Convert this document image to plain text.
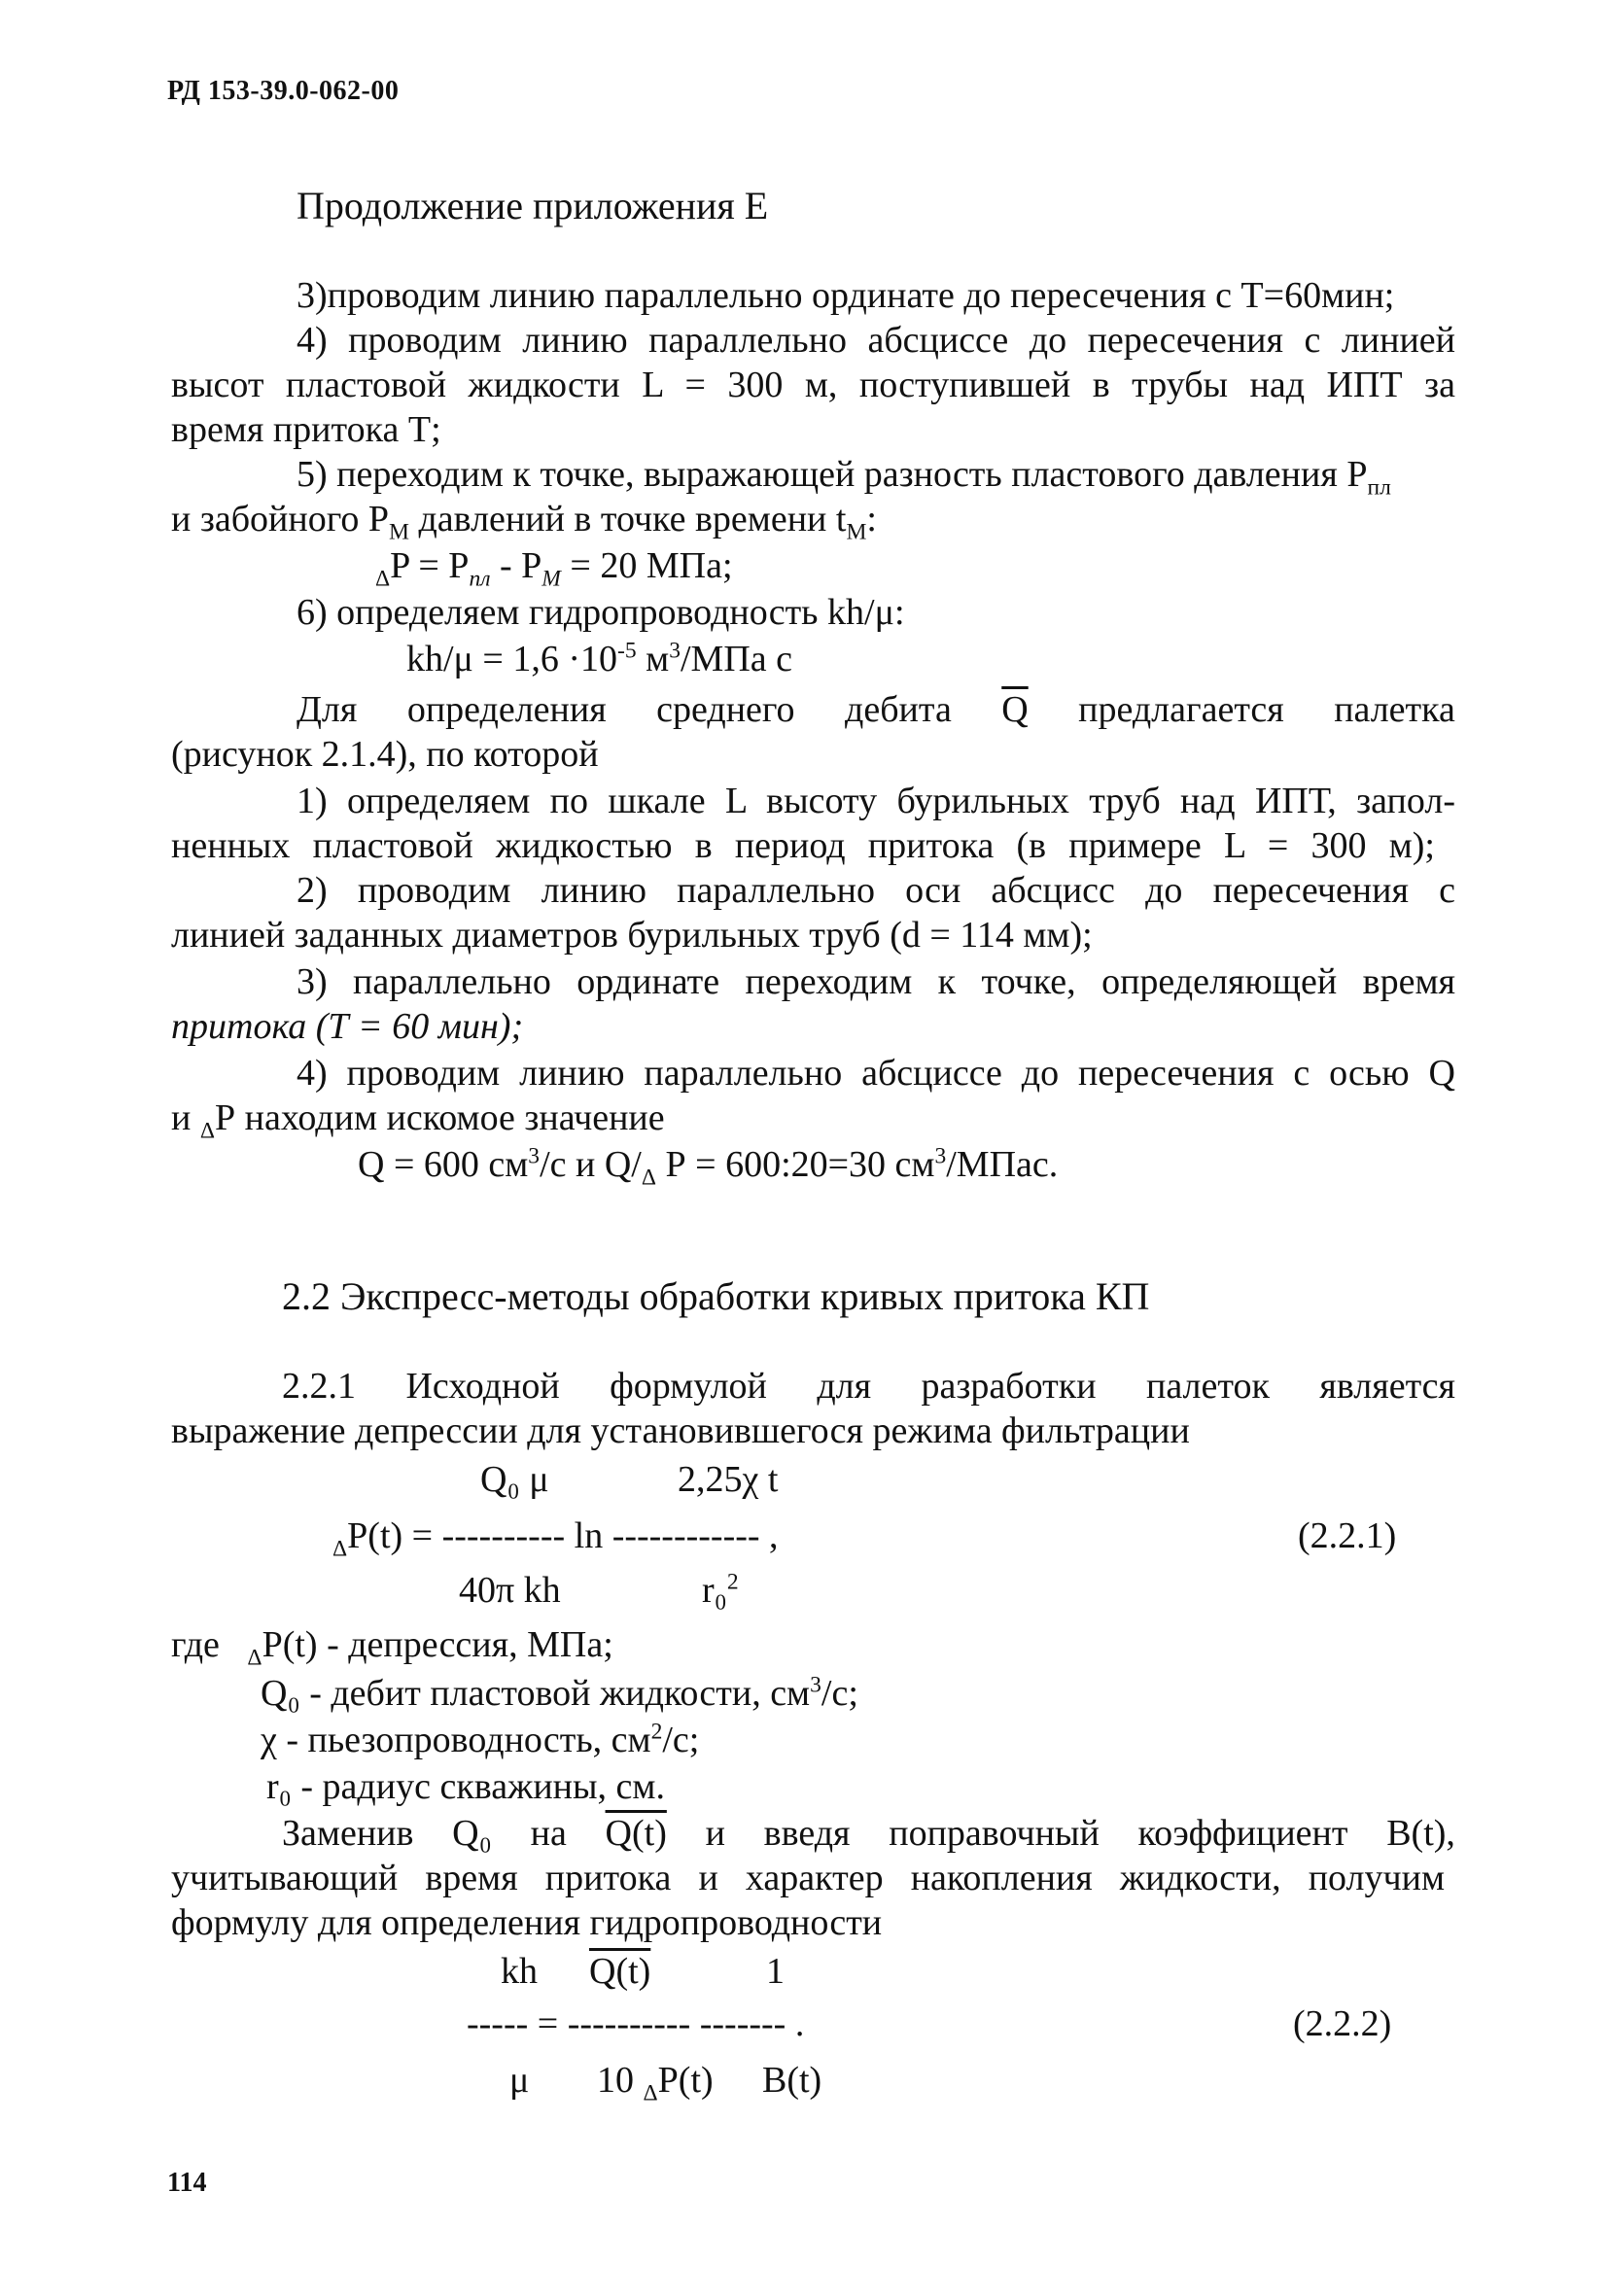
РД 153-39.0-062-00
Продолжение приложения Е
3)проводим линию параллельно ординате до пересечения с Т=60мин;
4) проводим линию параллельно абсциссе до пересечения с линией
высот пластовой жидкости L = 300 м, поступившей в трубы над ИПТ за
время притока Т;
5) переходим к точке, выражающей разность пластового давления $Р_{пл}$
и забойного $Р_М$ давлений в точке времени $t_М$:
$_\Delta P = P_{пл} - P_М = 20$ МПа;
6) определяем гидропроводность kh/μ:
$kh/\mu = 1,6 \cdot 10^{-5}$ $м^3$/МПа с
Для определения среднего дебита $\overline{Q}$ предлагается палетка
(рисунок 2.1.4), по которой
1) определяем по шкале L высоту бурильных труб над ИПТ, запол-
ненных пластовой жидкостью в период притока (в примере L = 300 м);
2) проводим линию параллельно оси абсцисс до пересечения с
линией заданных диаметров бурильных труб (d = 114 мм);
3) параллельно ординате переходим к точке, определяющей время
притока (Т = 60 мин);
4) проводим линию параллельно абсциссе до пересечения с осью Q
и $_\Delta$Р находим искомое значение
Q = 600 $см^3/с$ и $Q/_\Delta$ Р = 600:20=30 $см^3$/МПас.
2.2 Экспресс-методы обработки кривых притока КП
2.2.1 Исходной формулой для разработки палеток является
выражение депрессии для установившегося режима фильтрации
Q₀ μ	2,25χ t
$_\Delta$P(t) = ---------- ln ------------ ,	(2.2.1)
40π kh	r₀$^2$
где $_\Delta$P(t) - депрессия, МПа;
Q₀ - дебит пластовой жидкости, $см^3/с$;
χ - пьезопроводность, $см^2/с$;
r₀ - радиус скважины, см.
Заменив Q₀ на Q(t) и введя поправочный коэффициент В(t),
учитывающий время притока и характер накопления жидкости, получим
формулу для определения гидропроводности
kh Q(t)	1
----- = ---------- ------- .	(2.2.2)
μ 10 $_\Delta$P(t) B(t)
114
